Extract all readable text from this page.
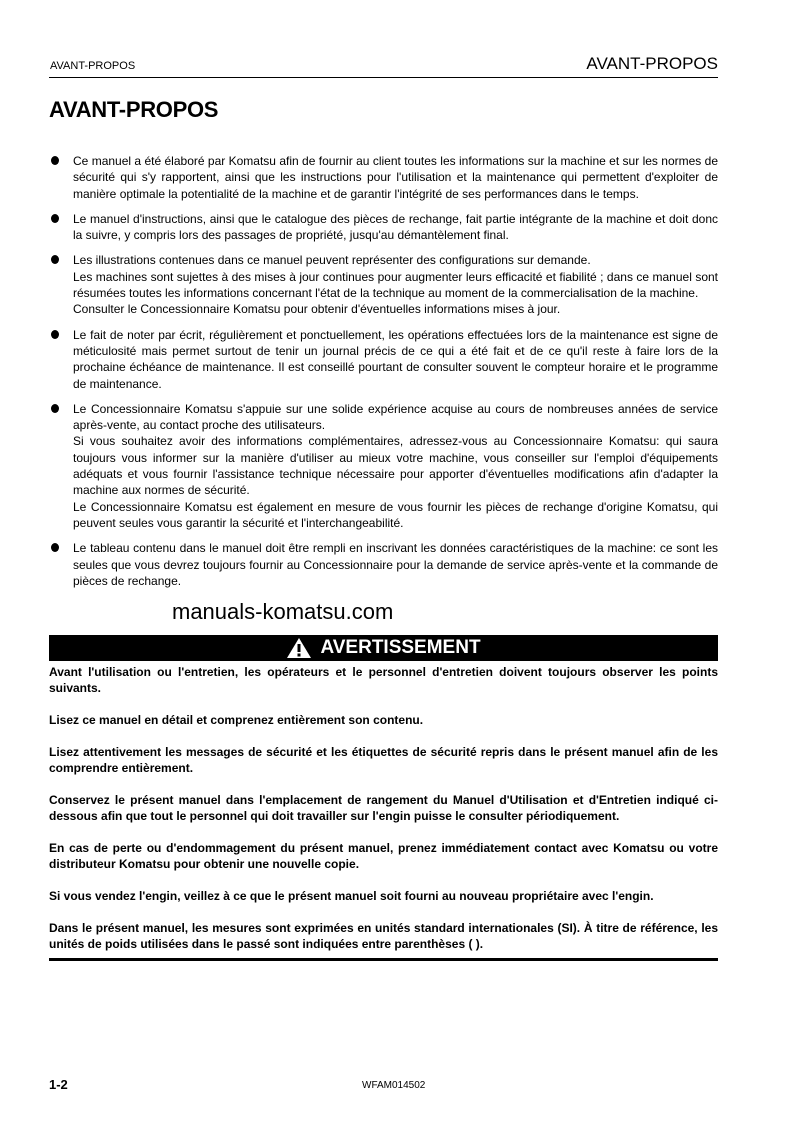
AVANT-PROPOS	AVANT-PROPOS
AVANT-PROPOS
Ce manuel a été élaboré par Komatsu afin de fournir au client toutes les informations sur la machine et sur les normes de sécurité qui s'y rapportent, ainsi que les instructions pour l'utilisation et la maintenance qui permettent d'exploiter de manière optimale la potentialité de la machine et de garantir l'intégrité de ses performances dans le temps.
Le manuel d'instructions, ainsi que le catalogue des pièces de rechange, fait partie intégrante de la machine et doit donc la suivre, y compris lors des passages de propriété, jusqu'au démantèlement final.
Les illustrations contenues dans ce manuel peuvent représenter des configurations sur demande.
Les machines sont sujettes à des mises à jour continues pour augmenter leurs efficacité et fiabilité ; dans ce manuel sont résumées toutes les informations concernant l'état de la technique au moment de la commercialisation de la machine.
Consulter le Concessionnaire Komatsu pour obtenir d'éventuelles informations mises à jour.
Le fait de noter par écrit, régulièrement et ponctuellement, les opérations effectuées lors de la maintenance est signe de méticulosité mais permet surtout de tenir un journal précis de ce qui a été fait et de ce qu'il reste à faire lors de la prochaine échéance de maintenance. Il est conseillé pourtant de consulter souvent le compteur horaire et le programme de maintenance.
Le Concessionnaire Komatsu s'appuie sur une solide expérience acquise au cours de nombreuses années de service après-vente, au contact proche des utilisateurs.
Si vous souhaitez avoir des informations complémentaires, adressez-vous au Concessionnaire Komatsu: qui saura toujours vous informer sur la manière d'utiliser au mieux votre machine, vous conseiller sur l'emploi d'équipements adéquats et vous fournir l'assistance technique nécessaire pour apporter d'éventuelles modifications afin d'adapter la machine aux normes de sécurité.
Le Concessionnaire Komatsu est également en mesure de vous fournir les pièces de rechange d'origine Komatsu, qui peuvent seules vous garantir la sécurité et l'interchangeabilité.
Le tableau contenu dans le manuel doit être rempli en inscrivant les données caractéristiques de la machine: ce sont les seules que vous devrez toujours fournir au Concessionnaire pour la demande de service après-vente et la commande de pièces de rechange.
manuals-komatsu.com
AVERTISSEMENT
Avant l'utilisation ou l'entretien, les opérateurs et le personnel d'entretien doivent toujours observer les points suivants.
Lisez ce manuel en détail et comprenez entièrement son contenu.
Lisez attentivement les messages de sécurité et les étiquettes de sécurité repris dans le présent manuel afin de les comprendre entièrement.
Conservez le présent manuel dans l'emplacement de rangement du Manuel d'Utilisation et d'Entretien indiqué ci-dessous afin que tout le personnel qui doit travailler sur l'engin puisse le consulter périodiquement.
En cas de perte ou d'endommagement du présent manuel, prenez immédiatement contact avec Komatsu ou votre distributeur Komatsu pour obtenir une nouvelle copie.
Si vous vendez l'engin, veillez à ce que le présent manuel soit fourni au nouveau propriétaire avec l'engin.
Dans le présent manuel, les mesures sont exprimées en unités standard internationales (SI). À titre de référence, les unités de poids utilisées dans le passé sont indiquées entre parenthèses ( ).
1-2	WFAM014502
